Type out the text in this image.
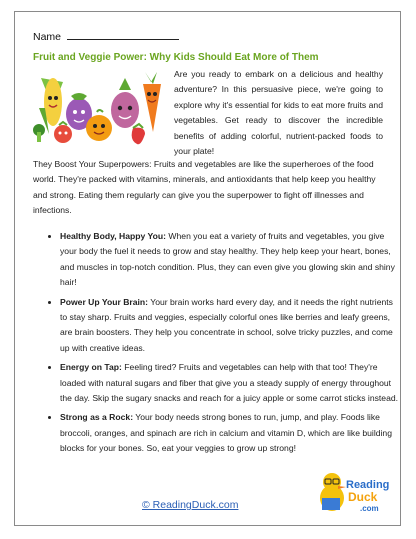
Name
Fruit and Veggie Power: Why Kids Should Eat More of Them
Are you ready to embark on a delicious and healthy adventure? In this persuasive piece, we're going to explore why it's essential for kids to eat more fruits and vegetables. Get ready to discover the incredible benefits of adding colorful, nutrient-packed foods to your plate!
They Boost Your Superpowers: Fruits and vegetables are like the superheroes of the food world. They're packed with vitamins, minerals, and antioxidants that help keep you healthy and strong. Eating them regularly can give you the superpower to fight off illnesses and infections.
• Healthy Body, Happy You: When you eat a variety of fruits and vegetables, you give your body the fuel it needs to grow and stay healthy. They help keep your heart, bones, and muscles in top-notch condition. Plus, they can even give you glowing skin and shiny hair!
• Power Up Your Brain: Your brain works hard every day, and it needs the right nutrients to stay sharp. Fruits and veggies, especially colorful ones like berries and leafy greens, are brain boosters. They help you concentrate in school, solve tricky puzzles, and come up with creative ideas.
• Energy on Tap: Feeling tired? Fruits and vegetables can help with that too! They're loaded with natural sugars and fiber that give you a steady supply of energy throughout the day. Skip the sugary snacks and reach for a juicy apple or some carrot sticks instead.
• Strong as a Rock: Your body needs strong bones to run, jump, and play. Foods like broccoli, oranges, and spinach are rich in calcium and vitamin D, which are like building blocks for your bones. So, eat your veggies to grow up strong!
© ReadingDuck.com
Reading
Duck
.com
